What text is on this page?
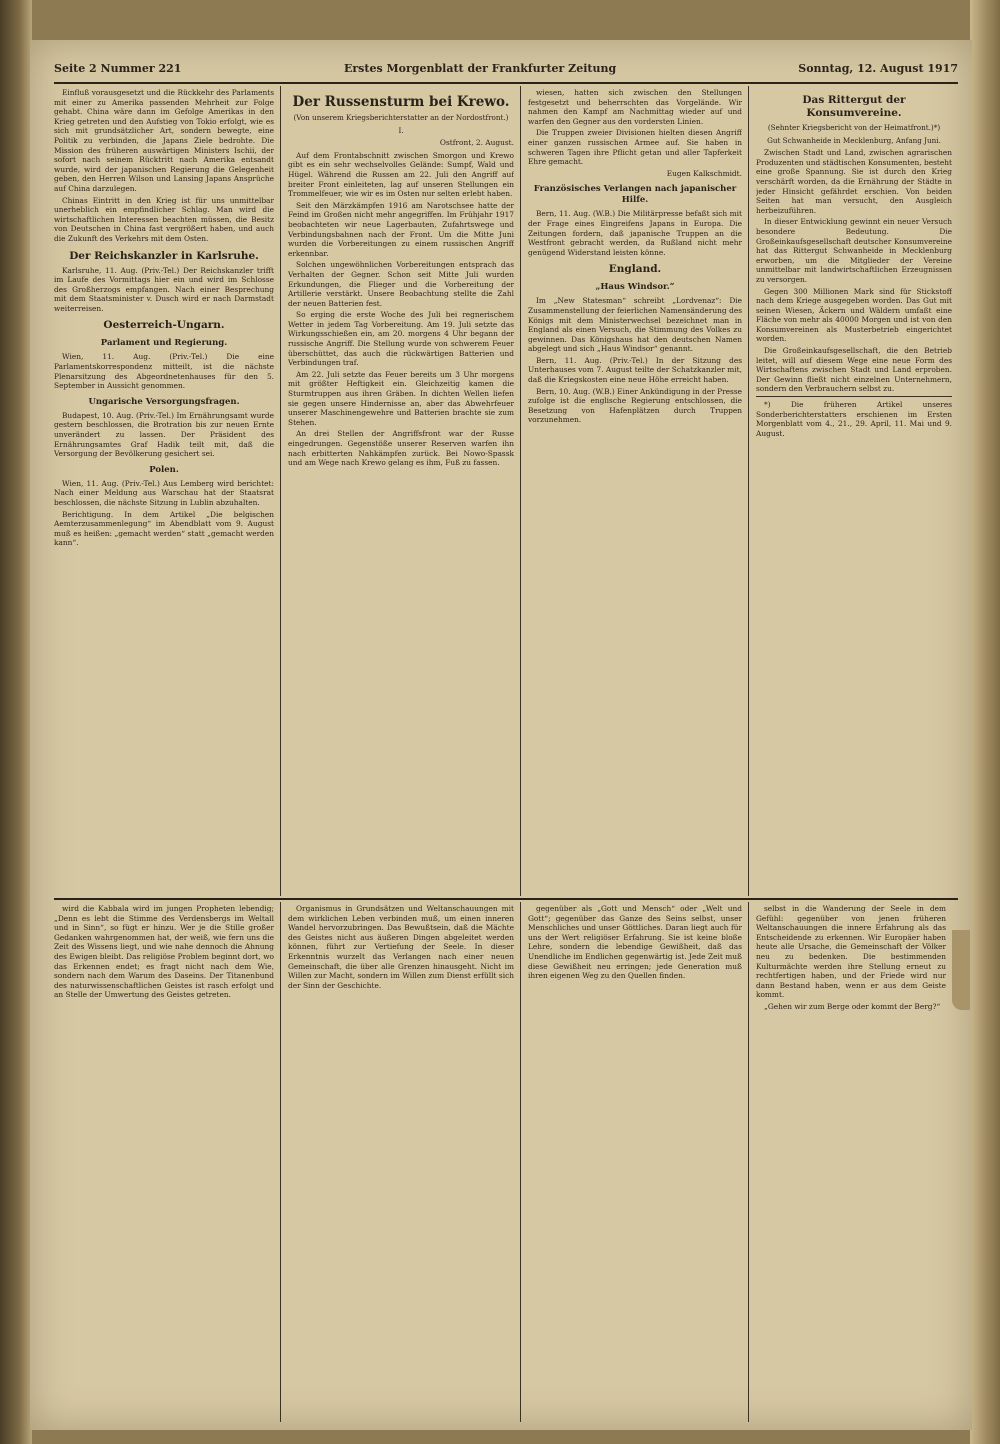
Seite 2 Nummer 221	Erstes Morgenblatt der Frankfurter Zeitung	Sonntag, 12. August 1917

Einfluß vorausgesetzt und die Rückkehr des Parlaments mit einer zu Amerika passenden Mehrheit zur Folge gehabt. China wäre dann im Gefolge Amerikas in den Krieg getreten und den Aufstieg von Tokio erfolgt, wie es sich mit grundsätzlicher Art, sondern bewegte, eine Politik zu verbinden, die Japans Ziele bedrohte. Die Mission des früheren auswärtigen Ministers Ischii, der sofort nach seinem Rücktritt nach Amerika entsandt wurde, wird der japanischen Regierung die Gelegenheit geben, den Herren Wilson und Lansing Japans Ansprüche auf China darzulegen.

Chinas Eintritt in den Krieg ist für uns unmittelbar unerheblich ein empfindlicher Schlag. Man wird die wirtschaftlichen Interessen beachten müssen, die Besitz von Deutschen in China fast vergrößert haben, und auch die Zukunft des Verkehrs mit dem Osten.

Der Reichskanzler in Karlsruhe.

Karlsruhe, 11. Aug. (Priv.-Tel.) Der Reichskanzler trifft im Laufe des Vormittags hier ein und wird im Schlosse des Großherzogs empfangen. Nach einer Besprechung mit dem Staatsminister v. Dusch wird er nach Darmstadt weiterreisen.

Oesterreich-Ungarn.
Parlament und Regierung.

Wien, 11. Aug. (Priv.-Tel.) Die eine Parlamentskorrespondenz mitteilt, ist die nächste Plenarsitzung des Abgeordnetenhauses für den 5. September in Aussicht genommen.

Ungarische Versorgungsfragen.

Budapest, 10. Aug. (Priv.-Tel.) Im Ernährungsamt wurde gestern beschlossen, die Brotration bis zur neuen Ernte unverändert zu lassen. Der Präsident des Ernährungsamtes Graf Hadik teilt mit, daß die Versorgung der Bevölkerung gesichert sei.

Polen.

Wien, 11. Aug. (Priv.-Tel.) Aus Lemberg wird berichtet: Nach einer Meldung aus Warschau hat der Staatsrat beschlossen, die nächste Sitzung in Lublin abzuhalten.

Berichtigung. In dem Artikel „Die belgischen Aemterzusammenlegung“ im Abendblatt vom 9. August muß es heißen: „gemacht werden“ statt „gemacht werden kann“.

Der Russensturm bei Krewo.
(Von unserem Kriegsberichterstatter an der Nordostfront.)
I.
Ostfront, 2. August.

Auf dem Frontabschnitt zwischen Smorgon und Krewo gibt es ein sehr wechselvolles Gelände: Sumpf, Wald und Hügel. Während die Russen am 22. Juli den Angriff auf breiter Front einleiteten, lag auf unseren Stellungen ein Trommelfeuer, wie wir es im Osten nur selten erlebt haben.

Seit den Märzkämpfen 1916 am Narotschsee hatte der Feind im Großen nicht mehr angegriffen. Im Frühjahr 1917 beobachteten wir neue Lagerbauten, Zufahrtswege und Verbindungsbahnen nach der Front. Um die Mitte Juni wurden die Vorbereitungen zu einem russischen Angriff erkennbar.

Solchen ungewöhnlichen Vorbereitungen entsprach das Verhalten der Gegner. Schon seit Mitte Juli wurden Erkundungen, die Flieger und die Vorbereitung der Artillerie verstärkt. Unsere Beobachtung stellte die Zahl der neuen Batterien fest.

So erging die erste Woche des Juli bei regnerischem Wetter in jedem Tag Vorbereitung. Am 19. Juli setzte das Wirkungsschießen ein, am 20. morgens 4 Uhr begann der russische Angriff. Die Stellung wurde von schwerem Feuer überschüttet, das auch die rückwärtigen Batterien und Verbindungen traf.

Am 22. Juli setzte das Feuer bereits um 3 Uhr morgens mit größter Heftigkeit ein. Gleichzeitig kamen die Sturmtruppen aus ihren Gräben. In dichten Wellen liefen sie gegen unsere Hindernisse an, aber das Abwehrfeuer unserer Maschinengewehre und Batterien brachte sie zum Stehen.

An drei Stellen der Angriffsfront war der Russe eingedrungen. Gegenstöße unserer Reserven warfen ihn nach erbitterten Nahkämpfen zurück. Bei Nowo-Spassk und am Wege nach Krewo gelang es ihm, Fuß zu fassen.

wiesen, hatten sich zwischen den Stellungen festgesetzt und beherrschten das Vorgelände. Wir nahmen den Kampf am Nachmittag wieder auf und warfen den Gegner aus den vordersten Linien.

Die Truppen zweier Divisionen hielten diesen Angriff einer ganzen russischen Armee auf. Sie haben in schweren Tagen ihre Pflicht getan und aller Tapferkeit Ehre gemacht.

Eugen Kalkschmidt.
Französisches Verlangen nach japanischer Hilfe.

Bern, 11. Aug. (W.B.) Die Militärpresse befaßt sich mit der Frage eines Eingreifens Japans in Europa. Die Zeitungen fordern, daß japanische Truppen an die Westfront gebracht werden, da Rußland nicht mehr genügend Widerstand leisten könne.

England.
„Haus Windsor.“

Im „New Statesman“ schreibt „Lordvenaz“: Die Zusammenstellung der feierlichen Namensänderung des Königs mit dem Ministerwechsel bezeichnet man in England als einen Versuch, die Stimmung des Volkes zu gewinnen. Das Königshaus hat den deutschen Namen abgelegt und sich „Haus Windsor“ genannt.

Bern, 11. Aug. (Priv.-Tel.) In der Sitzung des Unterhauses vom 7. August teilte der Schatzkanzler mit, daß die Kriegskosten eine neue Höhe erreicht haben.

Bern, 10. Aug. (W.B.) Einer Ankündigung in der Presse zufolge ist die englische Regierung entschlossen, die Besetzung von Hafenplätzen durch Truppen vorzunehmen.

Das Rittergut der Konsumvereine.
(Sehnter Kriegsbericht von der Heimatfront.)*)
Gut Schwanheide in Mecklenburg, Anfang Juni.

Zwischen Stadt und Land, zwischen agrarischen Produzenten und städtischen Konsumenten, besteht eine große Spannung. Sie ist durch den Krieg verschärft worden, da die Ernährung der Städte in jeder Hinsicht gefährdet erschien. Von beiden Seiten hat man versucht, den Ausgleich herbeizuführen.

In dieser Entwicklung gewinnt ein neuer Versuch besondere Bedeutung. Die Großeinkaufsgesellschaft deutscher Konsumvereine hat das Rittergut Schwanheide in Mecklenburg erworben, um die Mitglieder der Vereine unmittelbar mit landwirtschaftlichen Erzeugnissen zu versorgen.

Gegen 300 Millionen Mark sind für Stickstoff nach dem Kriege ausgegeben worden. Das Gut mit seinen Wiesen, Äckern und Wäldern umfaßt eine Fläche von mehr als 40000 Morgen und ist von den Konsumvereinen als Musterbetrieb eingerichtet worden.

Die Großeinkaufsgesellschaft, die den Betrieb leitet, will auf diesem Wege eine neue Form des Wirtschaftens zwischen Stadt und Land erproben. Der Gewinn fließt nicht einzelnen Unternehmern, sondern den Verbrauchern selbst zu.

*) Die früheren Artikel unseres Sonderberichterstatters erschienen im Ersten Morgenblatt vom 4., 21., 29. April, 11. Mai und 9. August.

wird die Kabbala wird im jungen Propheten lebendig; „Denn es lebt die Stimme des Verdensbergs im Weltall und in Sinn“, so fügt er hinzu. Wer je die Stille großer Gedanken wahrgenommen hat, der weiß, wie fern uns die Zeit des Wissens liegt, und wie nahe dennoch die Ahnung des Ewigen bleibt. Das religiöse Problem beginnt dort, wo das Erkennen endet; es fragt nicht nach dem Wie, sondern nach dem Warum des Daseins. Der Titanenbund des naturwissenschaftlichen Geistes ist rasch erfolgt und an Stelle der Umwertung des Geistes getreten.

Organismus in Grundsätzen und Weltanschauungen mit dem wirklichen Leben verbinden muß, um einen inneren Wandel hervorzubringen. Das Bewußtsein, daß die Mächte des Geistes nicht aus äußeren Dingen abgeleitet werden können, führt zur Vertiefung der Seele. In dieser Erkenntnis wurzelt das Verlangen nach einer neuen Gemeinschaft, die über alle Grenzen hinausgeht. Nicht im Willen zur Macht, sondern im Willen zum Dienst erfüllt sich der Sinn der Geschichte.

gegenüber als „Gott und Mensch“ oder „Welt und Gott“; gegenüber das Ganze des Seins selbst, unser Menschliches und unser Göttliches. Daran liegt auch für uns der Wert religiöser Erfahrung. Sie ist keine bloße Lehre, sondern die lebendige Gewißheit, daß das Unendliche im Endlichen gegenwärtig ist. Jede Zeit muß diese Gewißheit neu erringen; jede Generation muß ihren eigenen Weg zu den Quellen finden.

selbst in die Wanderung der Seele in dem Gefühl: gegenüber von jenen früheren Weltanschauungen die innere Erfahrung als das Entscheidende zu erkennen. Wir Europäer haben heute alle Ursache, die Gemeinschaft der Völker neu zu bedenken. Die bestimmenden Kulturmächte werden ihre Stellung erneut zu rechtfertigen haben, und der Friede wird nur dann Bestand haben, wenn er aus dem Geiste kommt.

„Gehen wir zum Berge oder kommt der Berg?“
